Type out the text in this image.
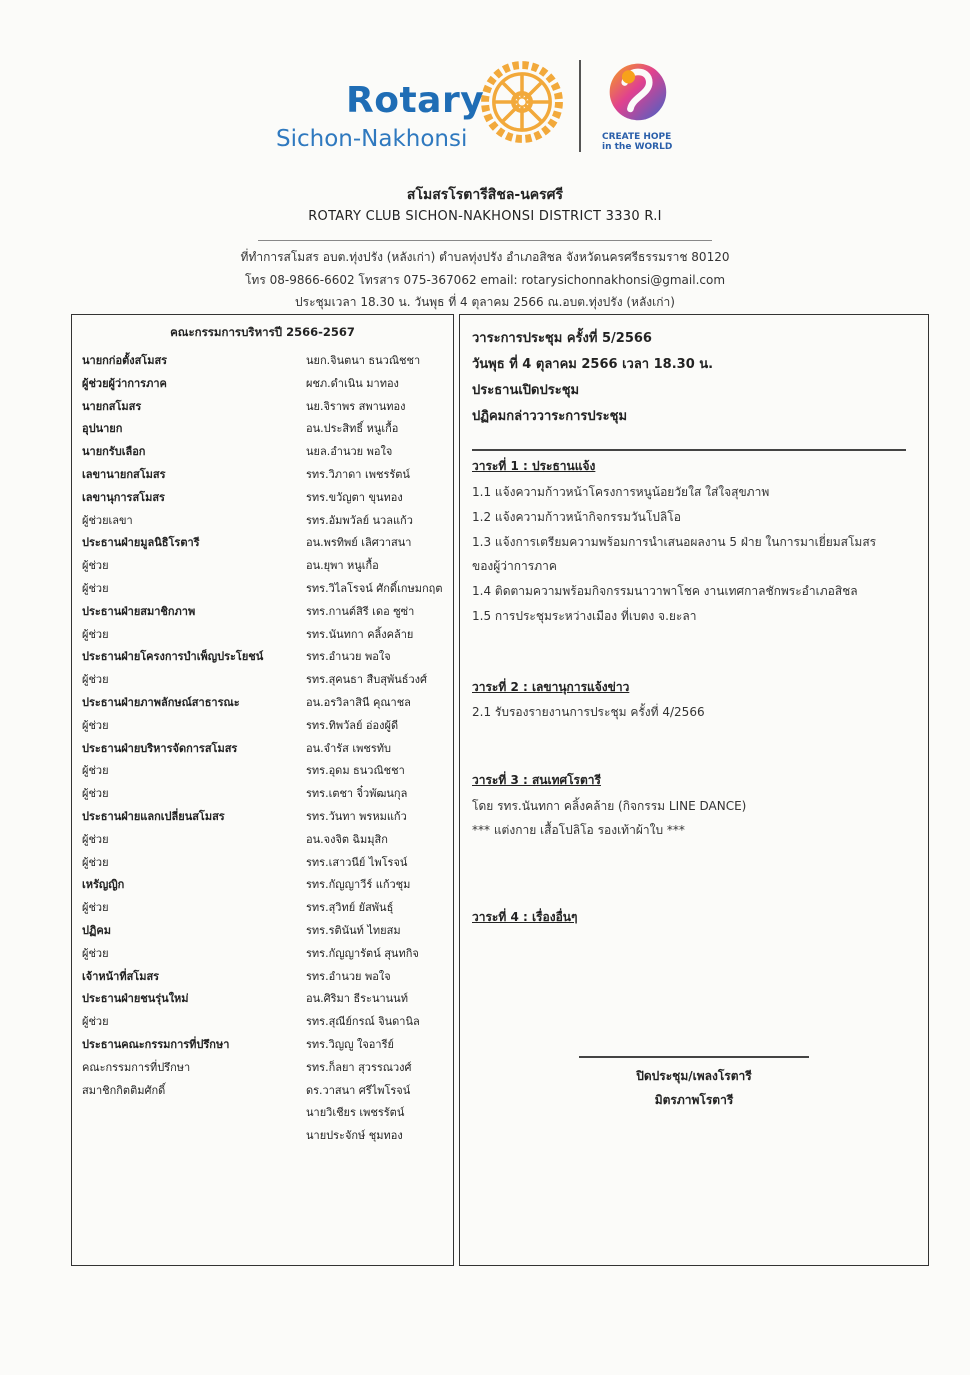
Rotary
Sichon-Nakhonsi	CREATE HOPE
in the WORLD
สโมสรโรตารีสิชล-นครศรี
ROTARY CLUB SICHON-NAKHONSI DISTRICT 3330 R.I
ที่ทำการสโมสร อบต.ทุ่งปรัง (หลังเก่า) ตำบลทุ่งปรัง อำเภอสิชล จังหวัดนครศรีธรรมราช 80120
โทร 08-9866-6602 โทรสาร 075-367062 email: rotarysichonnakhonsi@gmail.com
ประชุมเวลา 18.30 น. วันพุธ ที่ 4 ตุลาคม 2566 ณ.อบต.ทุ่งปรัง (หลังเก่า)
คณะกรรมการบริหารปี 2566-2567
นายกก่อตั้งสโมสร	นยก.จินตนา ธนวณิชชา
ผู้ช่วยผู้ว่าการภาค	ผชภ.ดำเนิน มาทอง
นายกสโมสร	นย.จิราพร สพานทอง
อุปนายก	อน.ประสิทธิ์ หนูเกื้อ
นายกรับเลือก	นยล.อำนวย พอใจ
เลขานายกสโมสร	รทร.วิภาดา เพชรรัตน์
เลขานุการสโมสร	รทร.ขวัญตา ขุนทอง
ผู้ช่วยเลขา	รทร.อัมพวัลย์ นวลแก้ว
ประธานฝ่ายมูลนิธิโรตารี	อน.พรทิพย์ เลิศวาสนา
ผู้ช่วย	อน.ยุพา หนูเกื้อ
ผู้ช่วย	รทร.วิไลโรจน์ ศักดิ์เกษมกฤต
ประธานฝ่ายสมาชิกภาพ	รทร.กานต์สิรี เดอ ซูซ่า
ผู้ช่วย	รทร.นันทกา คลิ้งคล้าย
ประธานฝ่ายโครงการบำเพ็ญประโยชน์	รทร.อำนวย พอใจ
ผู้ช่วย	รทร.สุคนธา สืบสุพันธ์วงศ์
ประธานฝ่ายภาพลักษณ์สาธารณะ	อน.อรวิลาสินี คุณาชล
ผู้ช่วย	รทร.ทิพวัลย์ อ่องผู้ดี
ประธานฝ่ายบริหารจัดการสโมสร	อน.จำรัส เพชรทับ
ผู้ช่วย	รทร.อุดม ธนวณิชชา
ผู้ช่วย	รทร.เตชา จิ๋วพัฒนกุล
ประธานฝ่ายแลกเปลี่ยนสโมสร	รทร.วันทา พรหมแก้ว
ผู้ช่วย	อน.จงจิต ฉิมมุสิก
ผู้ช่วย	รทร.เสาวนีย์ ไพโรจน์
เหรัญญิก	รทร.กัญญาวีร์ แก้วชุม
ผู้ช่วย	รทร.สุวิทย์ ยัสพันธุ์
ปฏิคม	รทร.รตินันท์ ไทยสม
ผู้ช่วย	รทร.กัญญารัตน์ สุนทกิจ
เจ้าหน้าที่สโมสร	รทร.อำนวย พอใจ
ประธานฝ่ายชนรุ่นใหม่	อน.ศิริมา ธีระนานนท์
ผู้ช่วย	รทร.สุณีย์กรณ์ จินดานิล
ประธานคณะกรรมการที่ปรึกษา	รทร.วิญญู ใจอารีย์
คณะกรรมการที่ปรึกษา	รทร.ก็ลยา สุวรรณวงศ์
สมาชิกกิตติมศักดิ์	ดร.วาสนา ศรีไพโรจน์
นายวิเชียร เพชรรัตน์
นายประจักษ์ ชุมทอง
วาระการประชุม ครั้งที่ 5/2566
วันพุธ ที่ 4 ตุลาคม 2566 เวลา 18.30 น.
ประธานเปิดประชุม
ปฏิคมกล่าววาระการประชุม
วาระที่ 1 : ประธานแจ้ง
1.1 แจ้งความก้าวหน้าโครงการหนูน้อยวัยใส ใส่ใจสุขภาพ
1.2 แจ้งความก้าวหน้ากิจกรรมวันโปลิโอ
1.3 แจ้งการเตรียมความพร้อมการนำเสนอผลงาน 5 ฝ่าย ในการมาเยี่ยมสโมสร
ของผู้ว่าการภาค
1.4 ติดตามความพร้อมกิจกรรมนาวาพาโชค งานเทศกาลชักพระอำเภอสิชล
1.5 การประชุมระหว่างเมือง ที่เบตง จ.ยะลา
วาระที่ 2 : เลขานุการแจ้งข่าว
2.1 รับรองรายงานการประชุม ครั้งที่ 4/2566
วาระที่ 3 : สนเทศโรตารี
โดย รทร.นันทกา คลิ้งคล้าย (กิจกรรม LINE DANCE)
*** แต่งกาย เสื้อโปลิโอ รองเท้าผ้าใบ ***
วาระที่ 4 : เรื่องอื่นๆ
ปิดประชุม/เพลงโรตารี
มิตรภาพโรตารี
